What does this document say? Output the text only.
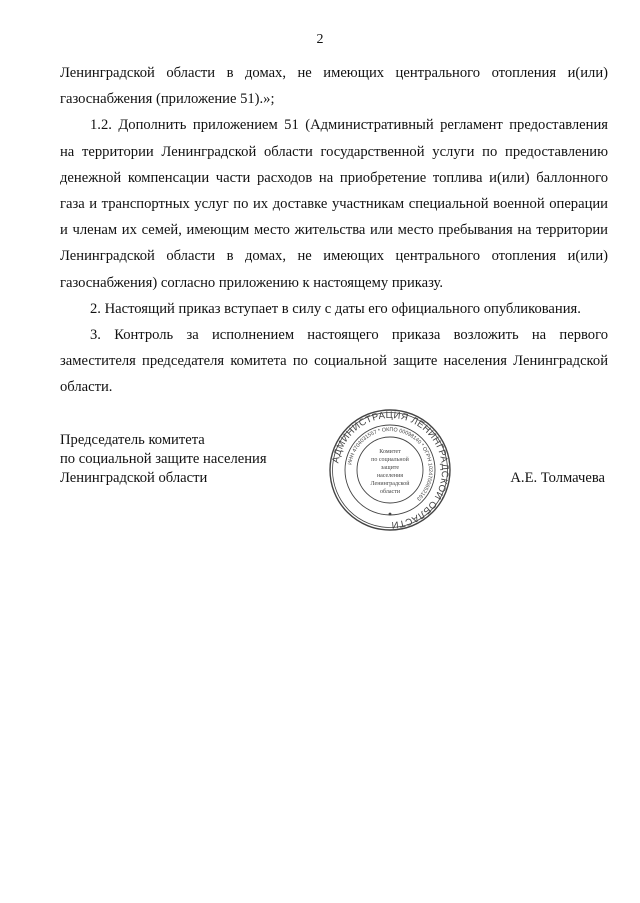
2

Ленинградской области в домах, не имеющих центрального отопления и(или) газоснабжения (приложение 51).»;

1.2. Дополнить приложением 51 (Административный регламент предоставления на территории Ленинградской области государственной услуги по предоставлению денежной компенсации части расходов на приобретение топлива и(или) баллонного газа и транспортных услуг по их доставке участникам специальной военной операции и членам их семей, имеющим место жительства или место пребывания на территории Ленинградской области в домах, не имеющих центрального отопления и(или) газоснабжения) согласно приложению к настоящему приказу.

2. Настоящий приказ вступает в силу с даты его официального опубликования.

3. Контроль за исполнением настоящего приказа возложить на первого заместителя председателя комитета по социальной защите населения Ленинградской области.

Председатель комитета
по социальной защите населения
Ленинградской области
АДМИНИСТРАЦИЯ ЛЕНИНГРАДСКОЙ ОБЛАСТИ
ИНН 4704031557 * ОКПО 00098140 * ОГРН 1024700652163
Комитет
по социальной
защите
населения
Ленинградской
области
А.Е. Толмачева
